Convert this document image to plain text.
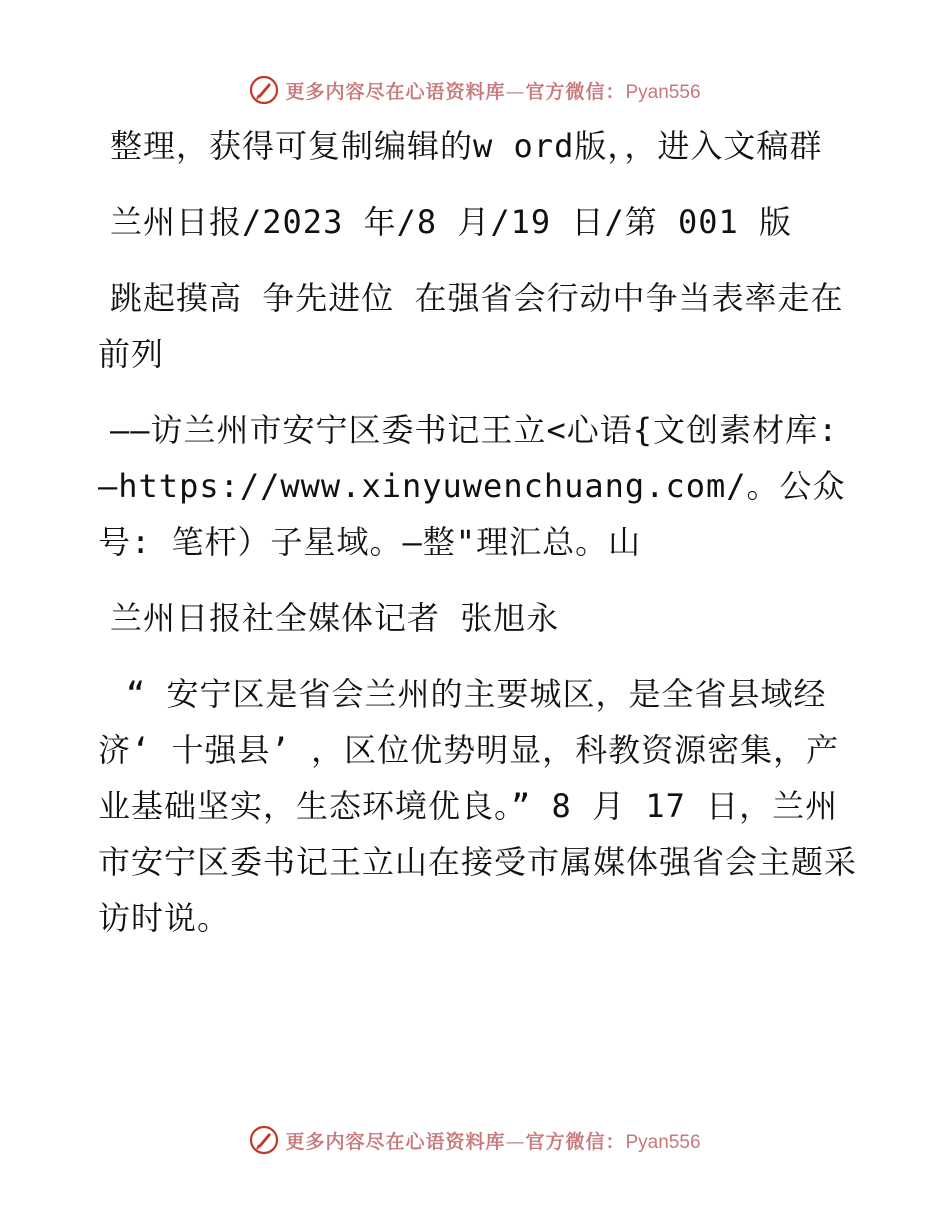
更多内容尽在心语资料库—官方微信：Pyan556

整理，获得可复制编辑的w ord版，，进入文稿群

兰州日报/2023 年/8 月/19 日/第 001 版

跳起摸高 争先进位 在强省会行动中争当表率走在前列

——访兰州市安宁区委书记王立<心语{文创素材库: —https://www.xinyuwenchuang.com/。公众号: 笔杆）子星域。—整"理汇总。山

兰州日报社全媒体记者 张旭永

“ 安宁区是省会兰州的主要城区，是全省县域经济‘ 十强县’ ，区位优势明显，科教资源密集，产业基础坚实，生态环境优良。” 8 月 17 日，兰州市安宁区委书记王立山在接受市属媒体强省会主题采访时说。

更多内容尽在心语资料库—官方微信：Pyan556
